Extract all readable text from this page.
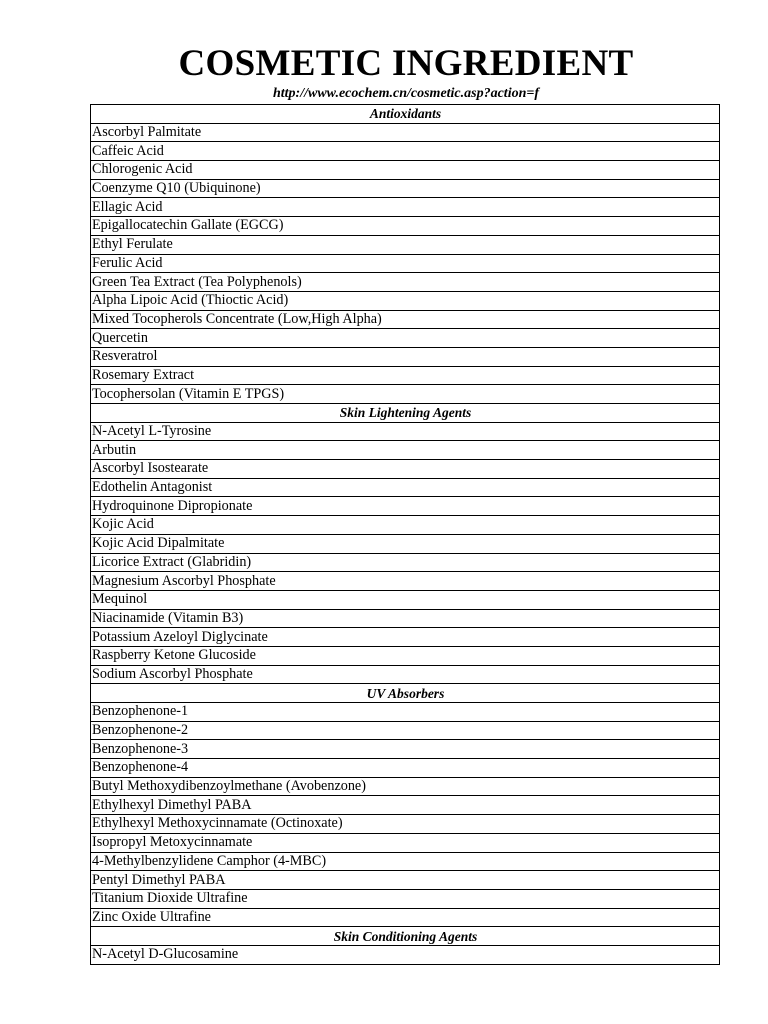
COSMETIC INGREDIENT
http://www.ecochem.cn/cosmetic.asp?action=f
Antioxidants
Ascorbyl Palmitate
Caffeic Acid
Chlorogenic Acid
Coenzyme Q10 (Ubiquinone)
Ellagic Acid
Epigallocatechin Gallate (EGCG)
Ethyl Ferulate
Ferulic Acid
Green Tea Extract (Tea Polyphenols)
Alpha Lipoic Acid (Thioctic Acid)
Mixed Tocopherols Concentrate (Low,High Alpha)
Quercetin
Resveratrol
Rosemary Extract
Tocophersolan (Vitamin E TPGS)
Skin Lightening Agents
N-Acetyl L-Tyrosine
Arbutin
Ascorbyl Isostearate
Edothelin Antagonist
Hydroquinone Dipropionate
Kojic Acid
Kojic Acid Dipalmitate
Licorice Extract (Glabridin)
Magnesium Ascorbyl Phosphate
Mequinol
Niacinamide (Vitamin B3)
Potassium Azeloyl Diglycinate
Raspberry Ketone Glucoside
Sodium Ascorbyl Phosphate
UV Absorbers
Benzophenone-1
Benzophenone-2
Benzophenone-3
Benzophenone-4
Butyl Methoxydibenzoylmethane (Avobenzone)
Ethylhexyl Dimethyl PABA
Ethylhexyl Methoxycinnamate (Octinoxate)
Isopropyl Metoxycinnamate
4-Methylbenzylidene Camphor (4-MBC)
Pentyl Dimethyl PABA
Titanium Dioxide Ultrafine
Zinc Oxide Ultrafine
Skin Conditioning Agents
N-Acetyl D-Glucosamine
